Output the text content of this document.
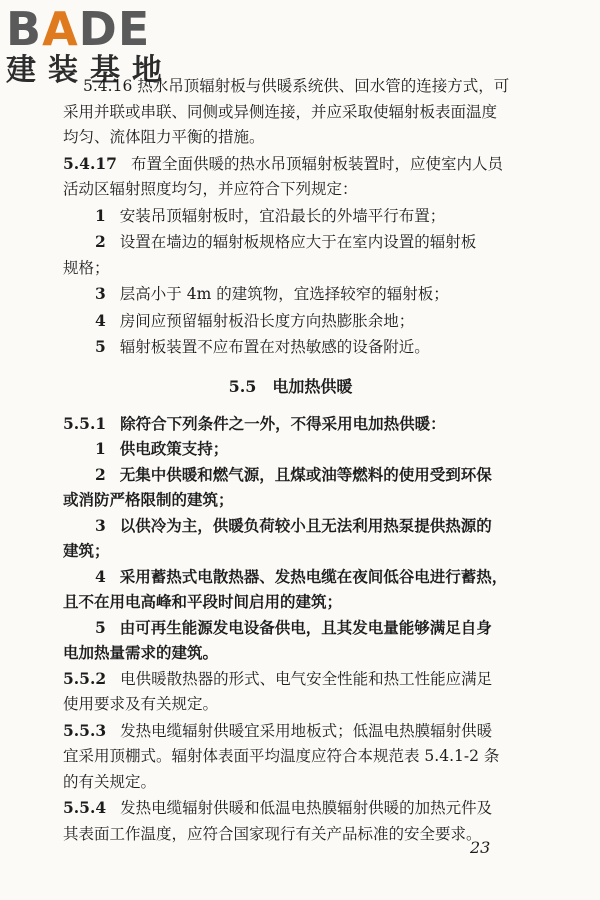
BADE
建装基地

5.4.16 热水吊顶辐射板与供暖系统供、回水管的连接方式，可

采用并联或串联、同侧或异侧连接，并应采取使辐射板表面温度

均匀、流体阻力平衡的措施。

5.4.17 布置全面供暖的热水吊顶辐射板装置时，应使室内人员

活动区辐射照度均匀，并应符合下列规定：

1 安装吊顶辐射板时，宜沿最长的外墙平行布置；

2 设置在墙边的辐射板规格应大于在室内设置的辐射板

规格；

3 层高小于 4m 的建筑物，宜选择较窄的辐射板；

4 房间应预留辐射板沿长度方向热膨胀余地；

5 辐射板装置不应布置在对热敏感的设备附近。

5.5 电加热供暖

5.5.1 除符合下列条件之一外，不得采用电加热供暖：

1 供电政策支持；

2 无集中供暖和燃气源，且煤或油等燃料的使用受到环保

或消防严格限制的建筑；

3 以供冷为主，供暖负荷较小且无法利用热泵提供热源的

建筑；

4 采用蓄热式电散热器、发热电缆在夜间低谷电进行蓄热，

且不在用电高峰和平段时间启用的建筑；

5 由可再生能源发电设备供电，且其发电量能够满足自身

电加热量需求的建筑。

5.5.2 电供暖散热器的形式、电气安全性能和热工性能应满足

使用要求及有关规定。

5.5.3 发热电缆辐射供暖宜采用地板式；低温电热膜辐射供暖

宜采用顶棚式。辐射体表面平均温度应符合本规范表 5.4.1-2 条

的有关规定。

5.5.4 发热电缆辐射供暖和低温电热膜辐射供暖的加热元件及

其表面工作温度，应符合国家现行有关产品标准的安全要求。

23
